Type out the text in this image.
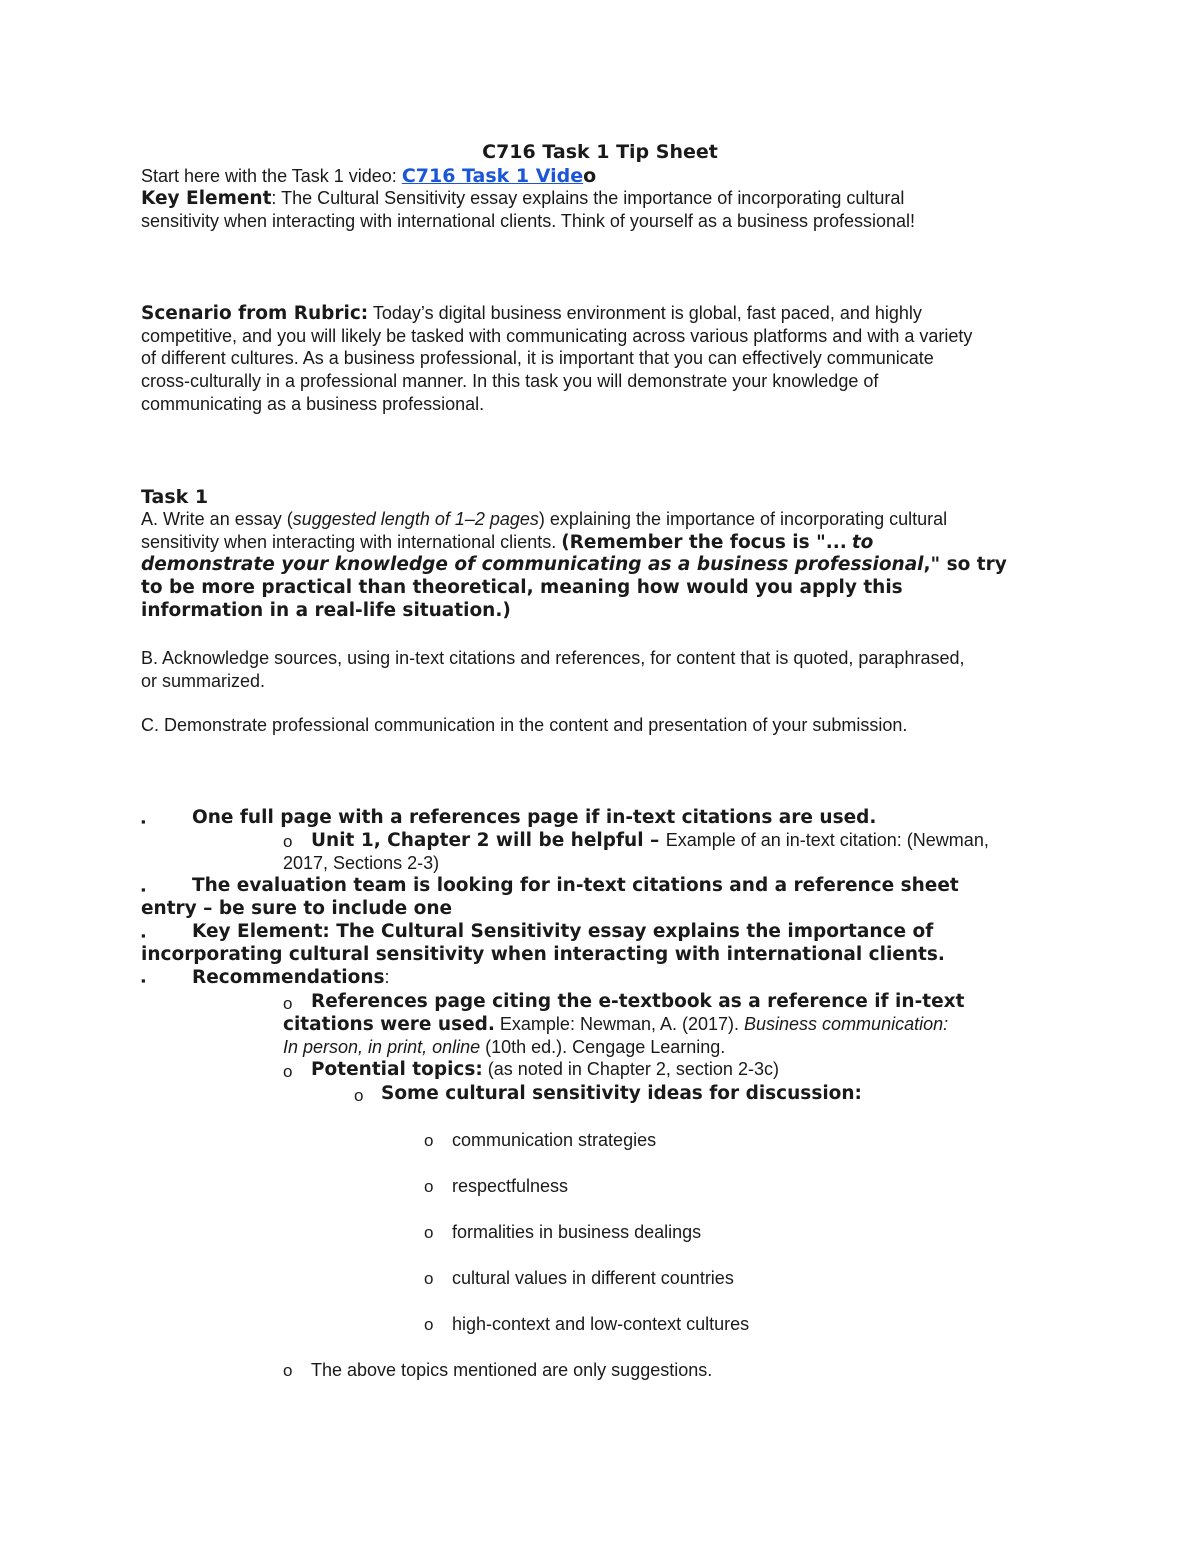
C716 Task 1 Tip Sheet
Start here with the Task 1 video: C716 Task 1 Video
Key Element: The Cultural Sensitivity essay explains the importance of incorporating cultural
sensitivity when interacting with international clients. Think of yourself as a business professional!
Scenario from Rubric: Today’s digital business environment is global, fast paced, and highly
competitive, and you will likely be tasked with communicating across various platforms and with a variety
of different cultures. As a business professional, it is important that you can effectively communicate
cross-culturally in a professional manner. In this task you will demonstrate your knowledge of
communicating as a business professional.
Task 1
A. Write an essay (suggested length of 1–2 pages) explaining the importance of incorporating cultural
sensitivity when interacting with international clients. (Remember the focus is "... to
demonstrate your knowledge of communicating as a business professional," so try
to be more practical than theoretical, meaning how would you apply this
information in a real-life situation.)
B. Acknowledge sources, using in-text citations and references, for content that is quoted, paraphrased,
or summarized.
C. Demonstrate professional communication in the content and presentation of your submission.
▪	One full page with a references page if in-text citations are used.
o Unit 1, Chapter 2 will be helpful – Example of an in-text citation: (Newman,
2017, Sections 2-3)
▪	The evaluation team is looking for in-text citations and a reference sheet
entry – be sure to include one
▪	Key Element: The Cultural Sensitivity essay explains the importance of
incorporating cultural sensitivity when interacting with international clients.
▪	Recommendations:
o References page citing the e-textbook as a reference if in-text
citations were used. Example: Newman, A. (2017). Business communication:
In person, in print, online (10th ed.). Cengage Learning.
o Potential topics: (as noted in Chapter 2, section 2-3c)
o Some cultural sensitivity ideas for discussion:
o communication strategies
o respectfulness
o formalities in business dealings
o cultural values in different countries
o high-context and low-context cultures
o The above topics mentioned are only suggestions.
